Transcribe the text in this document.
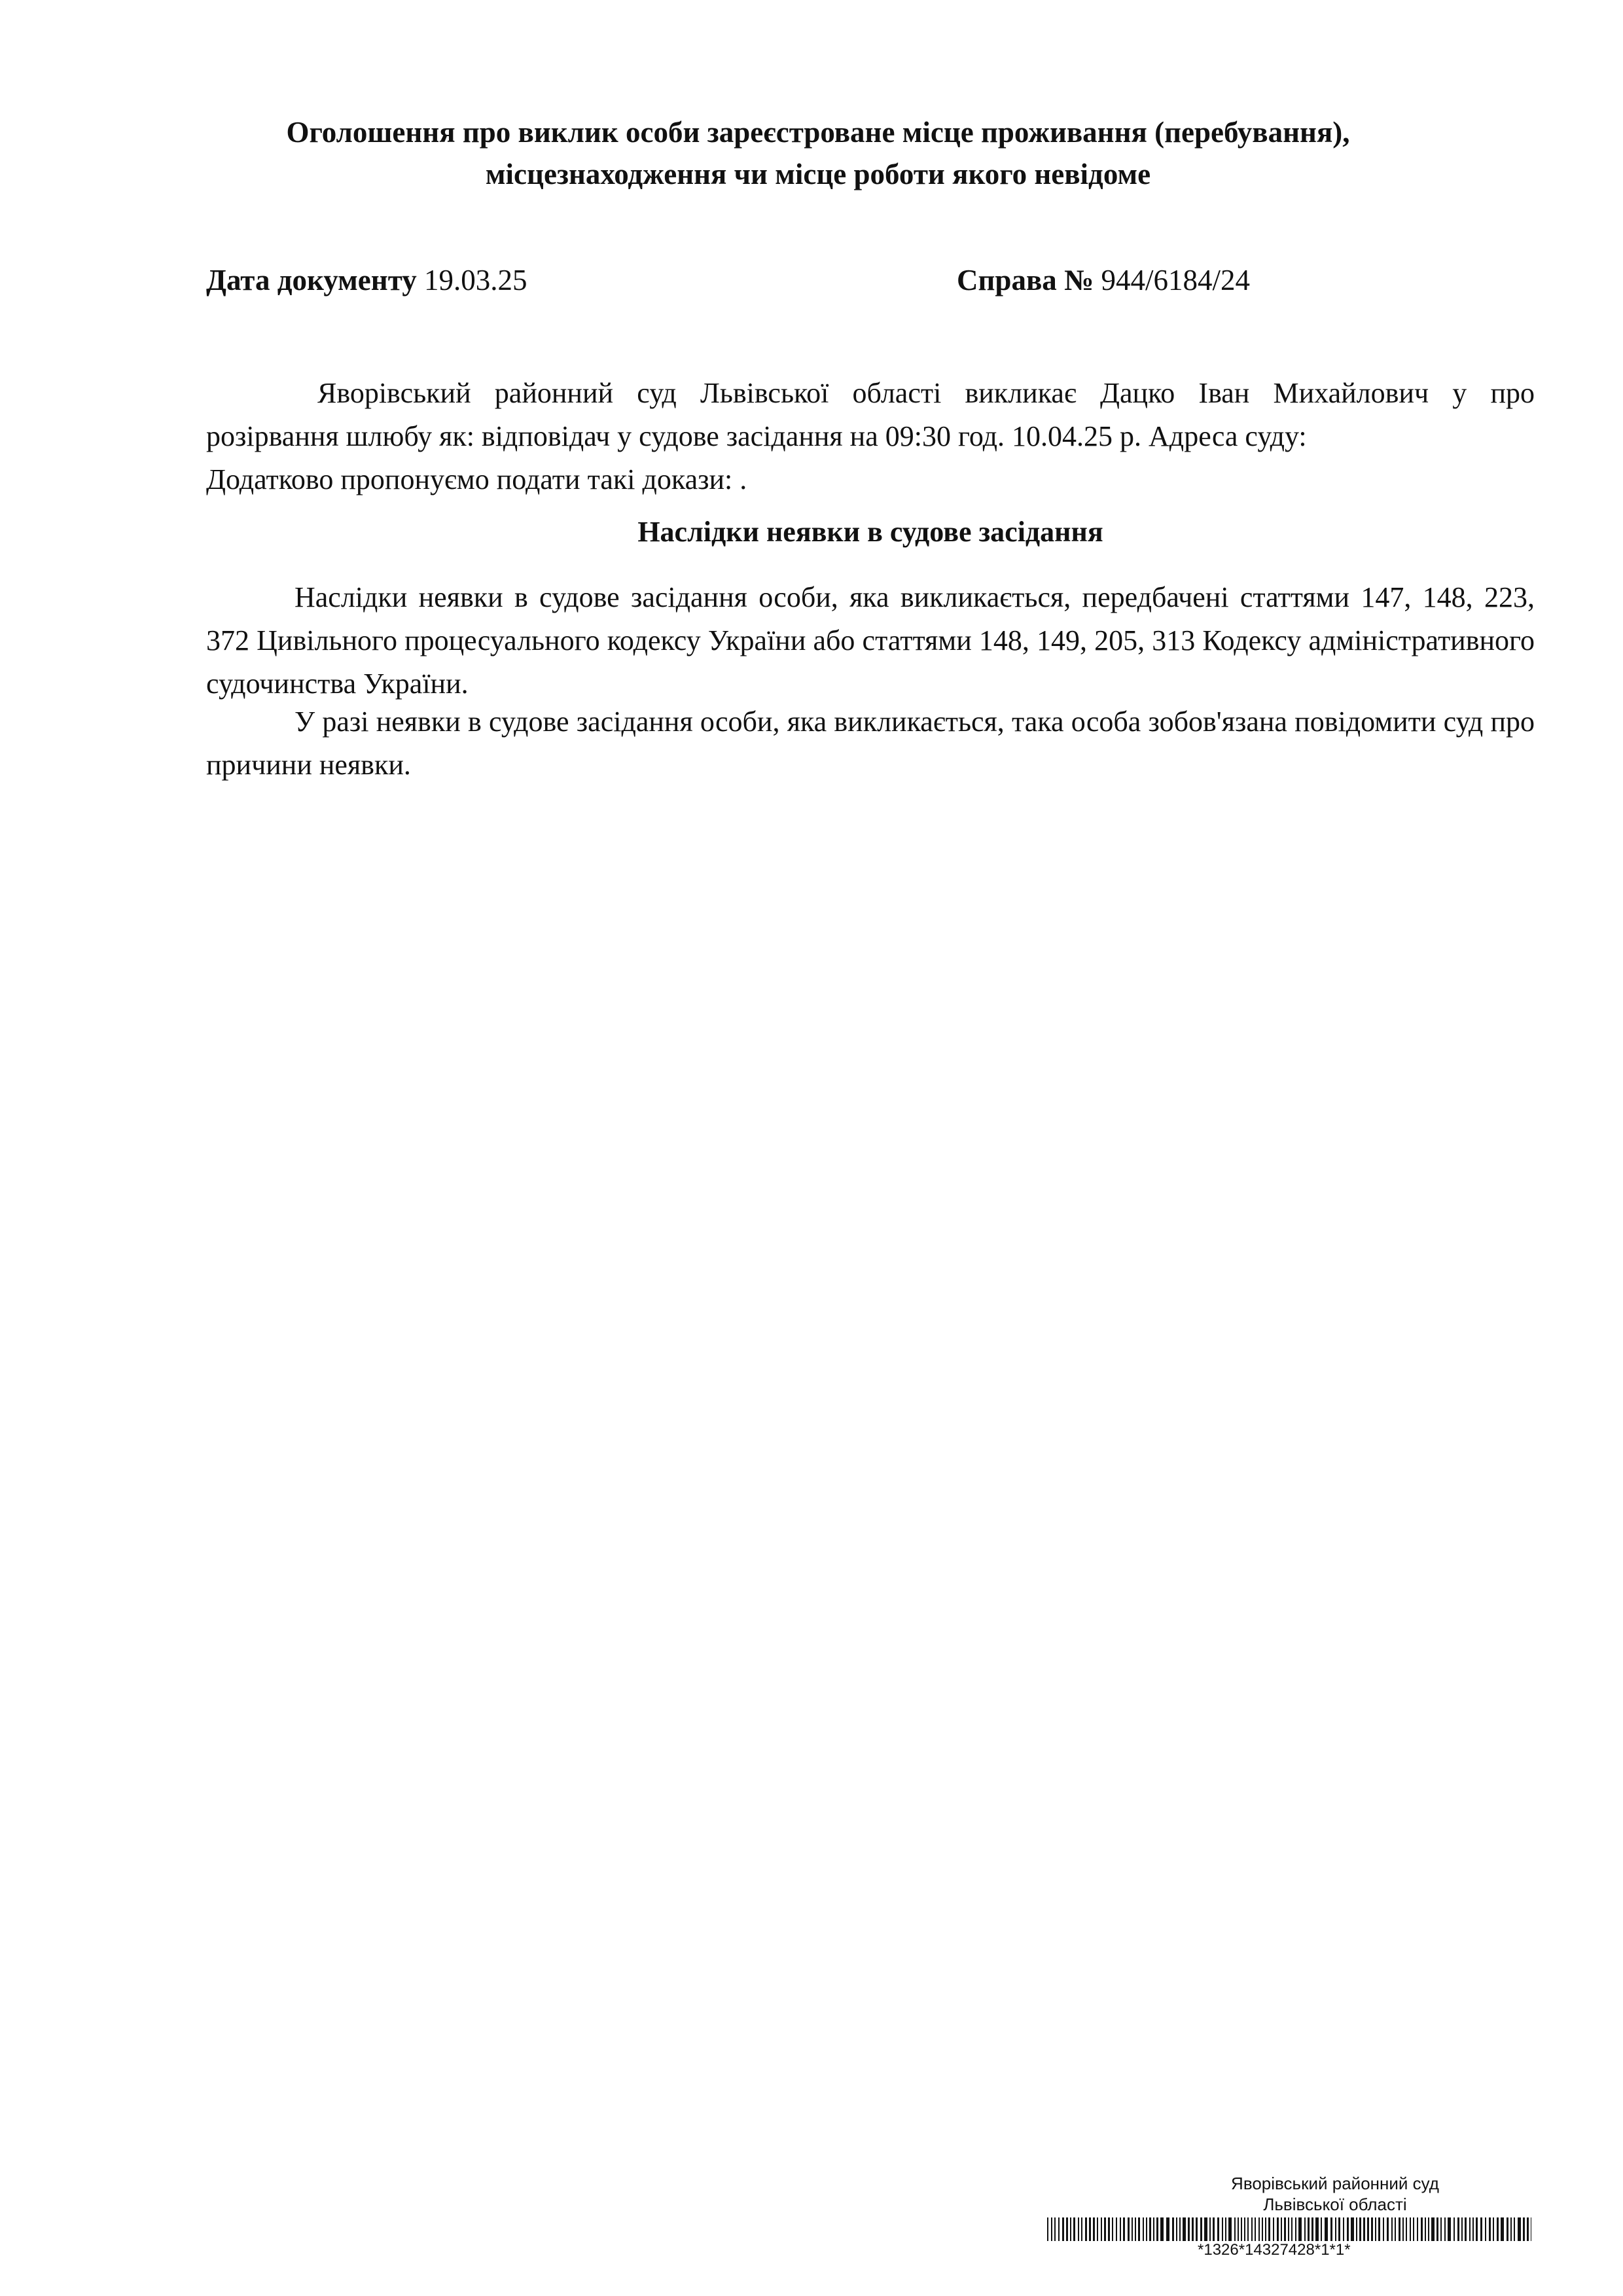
Оголошення про виклик особи зареєстроване місце проживання (перебування),
місцезнаходження чи місце роботи якого невідоме
Дата документу 19.03.25	Справа № 944/6184/24
Яворівський районний суд Львівської області викликає Дацко Іван Михайлович у про
розірвання шлюбу як: відповідач у судове засідання на 09:30 год. 10.04.25 р. Адреса суду:
Додатково пропонуємо подати такі докази: .
Наслідки неявки в судове засідання

Наслідки неявки в судове засідання особи, яка викликається, передбачені статтями 147, 148, 223, 372 Цивільного процесуального кодексу України або статтями 148, 149, 205, 313 Кодексу адміністративного судочинства України.

У разі неявки в судове засідання особи, яка викликається, така особа зобов'язана повідомити суд про причини неявки.

Яворівський районний суд
Львівської області
*1326*14327428*1*1*
